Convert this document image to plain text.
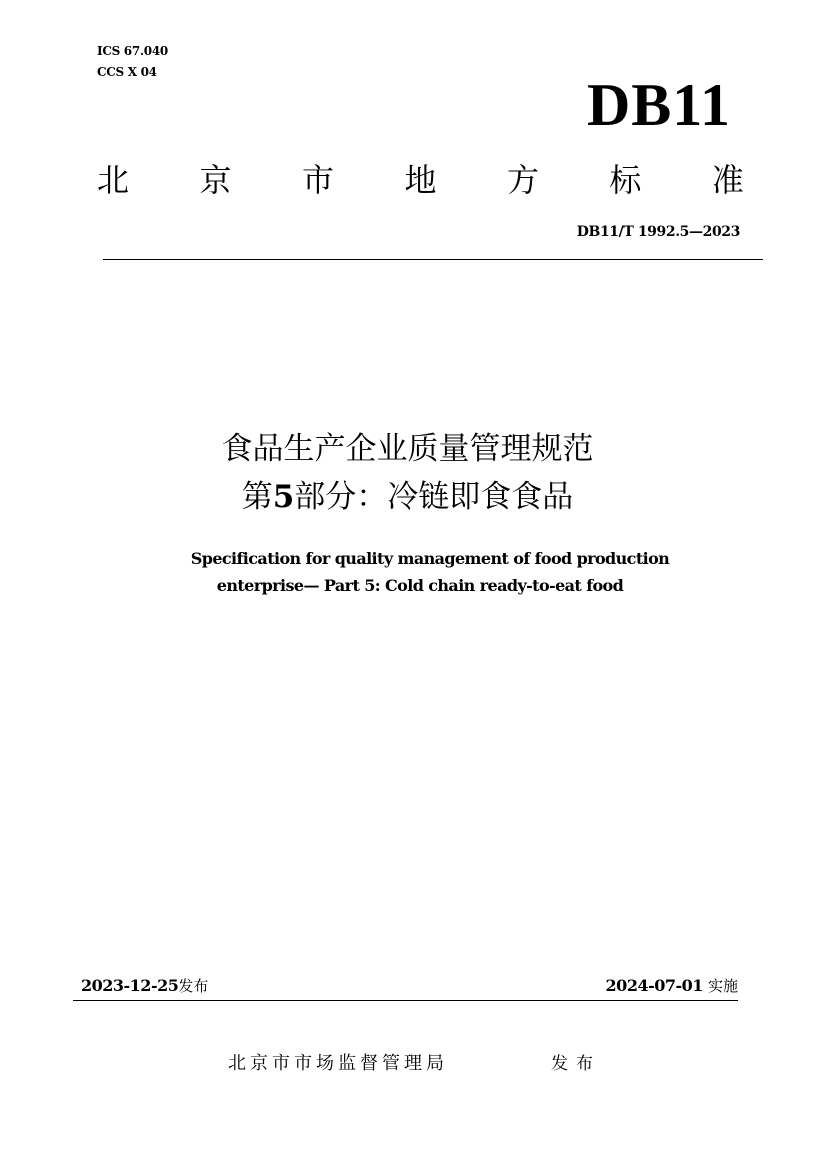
ICS 67.040
CCS X 04	DB11
北 京 市 地 方 标 准
DB11/T 1992.5—2023
食品生产企业质量管理规范
第5部分：冷链即食食品
Specification for quality management of food production
enterprise— Part 5: Cold chain ready-to-eat food
2023-12-25发布	2024-07-01 实施
北京市市场监督管理局	发布
